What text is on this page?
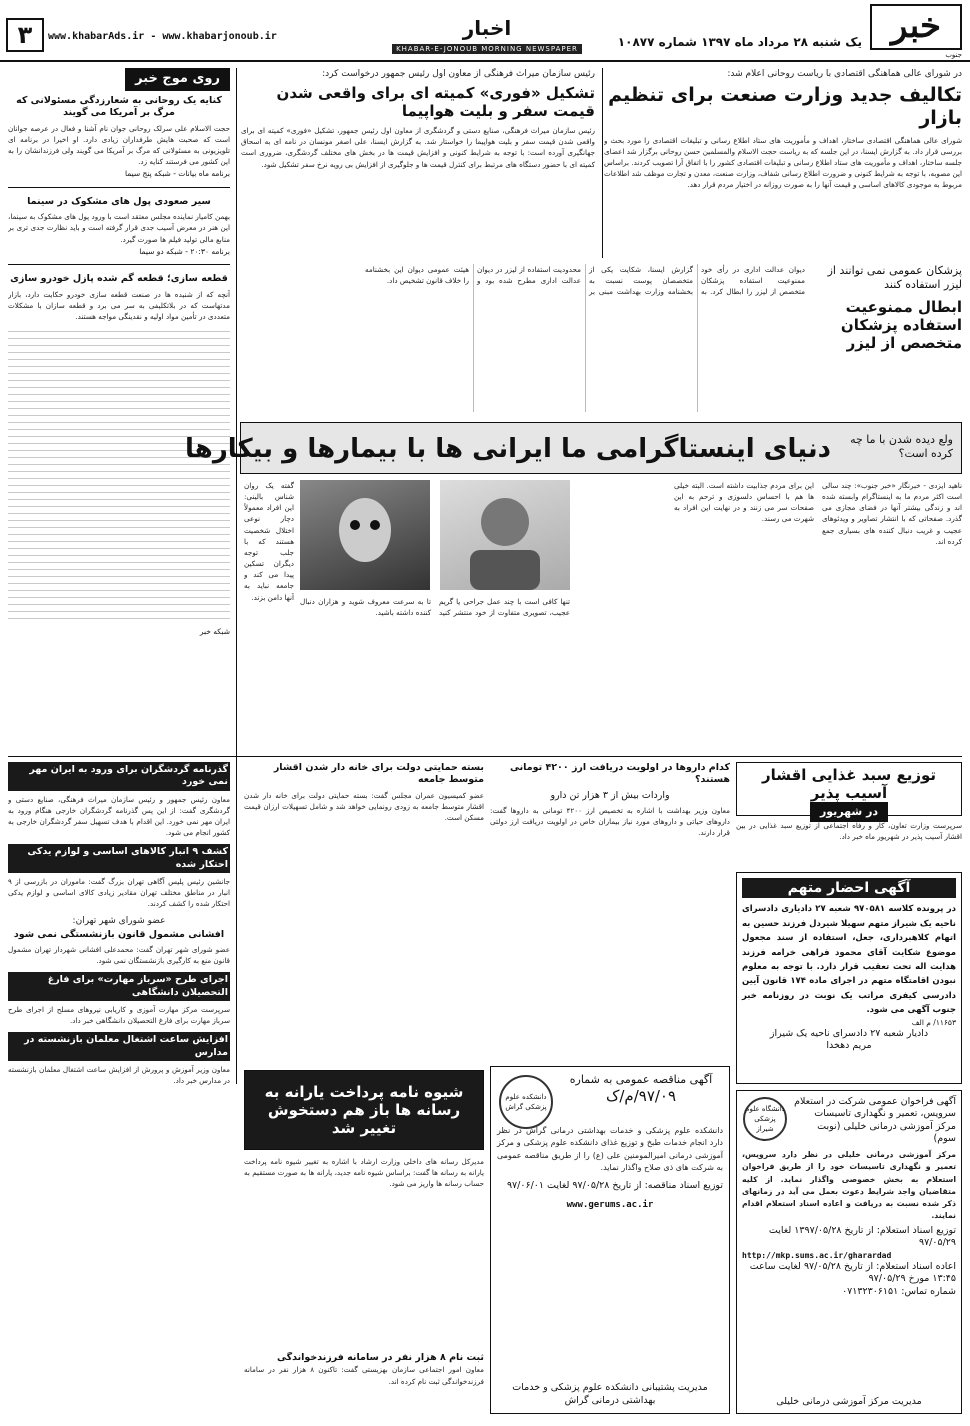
خبر
جنوب
یک شنبه ۲۸ مرداد ماه ۱۳۹۷ شماره ۱۰۸۷۷
اخبار
KHABAR-E-JONOUB MORNING NEWSPAPER
www.khabarAds.ir - www.khabarjonoub.ir
۳
در شورای عالی هماهنگی اقتصادی با ریاست روحانی اعلام شد:
تکالیف جدید وزارت صنعت برای تنظیم بازار

شورای عالی هماهنگی اقتصادی ساختار، اهداف و مأموریت های ستاد اطلاع رسانی و تبلیغات اقتصادی را مورد بحث و بررسی قرار داد. به گزارش ایسنا، در این جلسه که به ریاست حجت الاسلام والمسلمین حسن روحانی برگزار شد اعضای جلسه ساختار، اهداف و مأموریت های ستاد اطلاع رسانی و تبلیغات اقتصادی کشور را با اتفاق آرا تصویب کردند. براساس این مصوبه، با توجه به شرایط کنونی و ضرورت اطلاع رسانی شفاف، وزارت صنعت، معدن و تجارت موظف شد اطلاعات مربوط به موجودی کالاهای اساسی و قیمت آنها را به صورت روزانه در اختیار مردم قرار دهد.

رئیس سازمان میراث فرهنگی از معاون اول رئیس جمهور درخواست کرد:
تشکیل «فوری» کمیته ای برای واقعی شدن قیمت سفر و بلیت هواپیما

رئیس سازمان میراث فرهنگی، صنایع دستی و گردشگری از معاون اول رئیس جمهور، تشکیل «فوری» کمیته ای برای واقعی شدن قیمت سفر و بلیت هواپیما را خواستار شد. به گزارش ایسنا، علی اصغر مونسان در نامه ای به اسحاق جهانگیری آورده است: با توجه به شرایط کنونی و افزایش قیمت ها در بخش های مختلف گردشگری، ضروری است کمیته ای با حضور دستگاه های مرتبط برای کنترل قیمت ها و جلوگیری از افزایش بی رویه نرخ سفر تشکیل شود.

روی موج خبر
کنایه یک روحانی به شعارزدگی مسئولانی که مرگ بر آمریکا می گویند

حجت الاسلام علی سرلک روحانی جوان نام آشنا و فعال در عرصه جوانان است که صحبت هایش طرفداران زیادی دارد. او اخیرا در برنامه ای تلویزیونی به مسئولانی که مرگ بر آمریکا می گویند ولی فرزندانشان را به این کشور می فرستند کنایه زد.

برنامه ماه بیانات - شبکه پنج سیما
سیر صعودی پول های مشکوک در سینما

بهمن کامیار نماینده مجلس معتقد است با ورود پول های مشکوک به سینما، این هنر در معرض آسیب جدی قرار گرفته است و باید نظارت جدی تری بر منابع مالی تولید فیلم ها صورت گیرد.

برنامه ۲۰:۳۰ - شبکه دو سیما
قطعه سازی؛ قطعه گم شده پازل خودرو سازی

آنچه که از شنیده ها در صنعت قطعه سازی خودرو حکایت دارد، بازار مدتهاست که در بلاتکلیفی به سر می برد و قطعه سازان با مشکلات متعددی در تأمین مواد اولیه و نقدینگی مواجه هستند.

شبکه خبر
پزشکان عمومی نمی توانند از لیزر استفاده کنند
ابطال ممنوعیت استفاده پزشکان متخصص از لیزر

دیوان عدالت اداری در رأی خود ممنوعیت استفاده پزشکان متخصص از لیزر را ابطال کرد. به گزارش ایسنا، شکایت یکی از متخصصان پوست نسبت به بخشنامه وزارت بهداشت مبنی بر محدودیت استفاده از لیزر در دیوان عدالت اداری مطرح شده بود و هیئت عمومی دیوان این بخشنامه را خلاف قانون تشخیص داد.

ولع دیده شدن با ما چه کرده است؟
دنیای اینستاگرامی ما ایرانی ها با بیمارها و بیکارها

ناهید ایزدی - خبرنگار «خبر جنوب»: چند سالی است اکثر مردم ما به اینستاگرام وابسته شده اند و زندگی بیشتر آنها در فضای مجازی می گذرد. صفحاتی که با انتشار تصاویر و ویدئوهای عجیب و غریب دنبال کننده های بسیاری جمع کرده اند.

این برای مردم جذابیت داشته است. البته خیلی ها هم با احساس دلسوزی و ترحم به این صفحات سر می زنند و در نهایت این افراد به شهرت می رسند.

تنها کافی است با چند عمل جراحی یا گریم عجیب، تصویری متفاوت از خود منتشر کنید تا به سرعت معروف شوید و هزاران دنبال کننده داشته باشید.

گفته یک روان شناس بالینی: این افراد معمولاً دچار نوعی اختلال شخصیت هستند که با جلب توجه دیگران تسکین پیدا می کند و جامعه نباید به آنها دامن بزند.

گذرنامه گردشگران برای ورود به ایران مهر نمی خورد

معاون رئیس جمهور و رئیس سازمان میراث فرهنگی، صنایع دستی و گردشگری گفت: از این پس گذرنامه گردشگران خارجی هنگام ورود به ایران مهر نمی خورد. این اقدام با هدف تسهیل سفر گردشگران خارجی به کشور انجام می شود.

کشف ۹ انبار کالاهای اساسی و لوازم یدکی احتکار شده

جانشین رئیس پلیس آگاهی تهران بزرگ گفت: ماموران در بازرسی از ۹ انبار در مناطق مختلف تهران مقادیر زیادی کالای اساسی و لوازم یدکی احتکار شده را کشف کردند.

عضو شورای شهر تهران:
افشانی مشمول قانون بازنشستگی نمی شود

عضو شورای شهر تهران گفت: محمدعلی افشانی شهردار تهران مشمول قانون منع به کارگیری بازنشستگان نمی شود.

اجرای طرح «سرباز مهارت» برای فارغ التحصیلان دانشگاهی

سرپرست مرکز مهارت آموزی و کاریابی نیروهای مسلح از اجرای طرح سرباز مهارت برای فارغ التحصیلان دانشگاهی خبر داد.

افزایش ساعت اشتغال معلمان بازنشسته در مدارس

معاون وزیر آموزش و پرورش از افزایش ساعت اشتغال معلمان بازنشسته در مدارس خبر داد.

بسته حمایتی دولت برای خانه دار شدن اقشار متوسط جامعه

عضو کمیسیون عمران مجلس گفت: بسته حمایتی دولت برای خانه دار شدن اقشار متوسط جامعه به زودی رونمایی خواهد شد و شامل تسهیلات ارزان قیمت مسکن است.

شیوه نامه پرداخت یارانه به رسانه ها باز هم دستخوش تغییر شد

مدیرکل رسانه های داخلی وزارت ارشاد با اشاره به تغییر شیوه نامه پرداخت یارانه به رسانه ها گفت: براساس شیوه نامه جدید، یارانه ها به صورت مستقیم به حساب رسانه ها واریز می شود.

ثبت نام ۸ هزار نفر در سامانه فرزندخواندگی

معاون امور اجتماعی سازمان بهزیستی گفت: تاکنون ۸ هزار نفر در سامانه فرزندخواندگی ثبت نام کرده اند.

کدام داروها در اولویت دریافت ارز ۴۲۰۰ تومانی هستند؟
واردات بیش از ۳ هزار تن دارو

معاون وزیر بهداشت با اشاره به تخصیص ارز ۴۲۰۰ تومانی به داروها گفت: داروهای حیاتی و داروهای مورد نیاز بیماران خاص در اولویت دریافت ارز دولتی قرار دارند.

دانشکده علوم پزشکی گراش
آگهی مناقصه عمومی به شماره
۹۷/۰۹/م/ک

دانشکده علوم پزشکی و خدمات بهداشتی درمانی گراش در نظر دارد انجام خدمات طبخ و توزیع غذای دانشکده علوم پزشکی و مرکز آموزشی درمانی امیرالمومنین علی (ع) را از طریق مناقصه عمومی به شرکت های ذی صلاح واگذار نماید.

توزیع اسناد مناقصه: از تاریخ ۹۷/۰۵/۲۸ لغایت ۹۷/۰۶/۰۱

www.gerums.ac.ir
مدیریت پشتیبانی دانشکده علوم پزشکی و خدمات بهداشتی درمانی گراش
توزیع سبد غذایی اقشار آسیب پذیر
در شهریور

سرپرست وزارت تعاون، کار و رفاه اجتماعی از توزیع سبد غذایی در بین اقشار آسیب پذیر در شهریور ماه خبر داد.

آگهی احضار متهم

در پرونده کلاسه ۹۷۰۵۸۱ شعبه ۲۷ دادیاری دادسرای ناحیه یک شیراز متهم سهیلا شیردل فرزند حسین به اتهام کلاهبرداری، جعل، استفاده از سند مجعول موضوع شکایت آقای محمود فراهی خرامه فرزند هدایت اله تحت تعقیب قرار دارد. با توجه به معلوم نبودن اقامتگاه متهم در اجرای ماده ۱۷۴ قانون آیین دادرسی کیفری مراتب یک نوبت در روزنامه خبر جنوب آگهی می شود.

۱۱۶۵۳/ م الف
دادیار شعبه ۲۷ دادسرای ناحیه یک شیراز
مریم دهخدا
دانشگاه علوم پزشکی شیراز
آگهی فراخوان عمومی شرکت در استعلام سرویس، تعمیر و نگهداری تاسیسات مرکز آموزشی درمانی خلیلی (نوبت سوم)

مرکز آموزشی درمانی خلیلی در نظر دارد سرویس، تعمیر و نگهداری تاسیسات خود را از طریق فراخوان استعلام به بخش خصوصی واگذار نماید. از کلیه متقاضیان واجد شرایط دعوت بعمل می آید در زمانهای ذکر شده نسبت به دریافت و اعاده اسناد استعلام اقدام نمایند.

توزیع اسناد استعلام: از تاریخ ۱۳۹۷/۰۵/۲۸ لغایت ۹۷/۰۵/۲۹

http://mkp.sums.ac.ir/gharardad

اعاده اسناد استعلام: از تاریخ ۹۷/۰۵/۲۸ لغایت ساعت ۱۳:۴۵ مورخ ۹۷/۰۵/۲۹

شماره تماس: ۰۷۱۳۲۳۰۶۱۵۱

مدیریت مرکز آموزشی درمانی خلیلی
